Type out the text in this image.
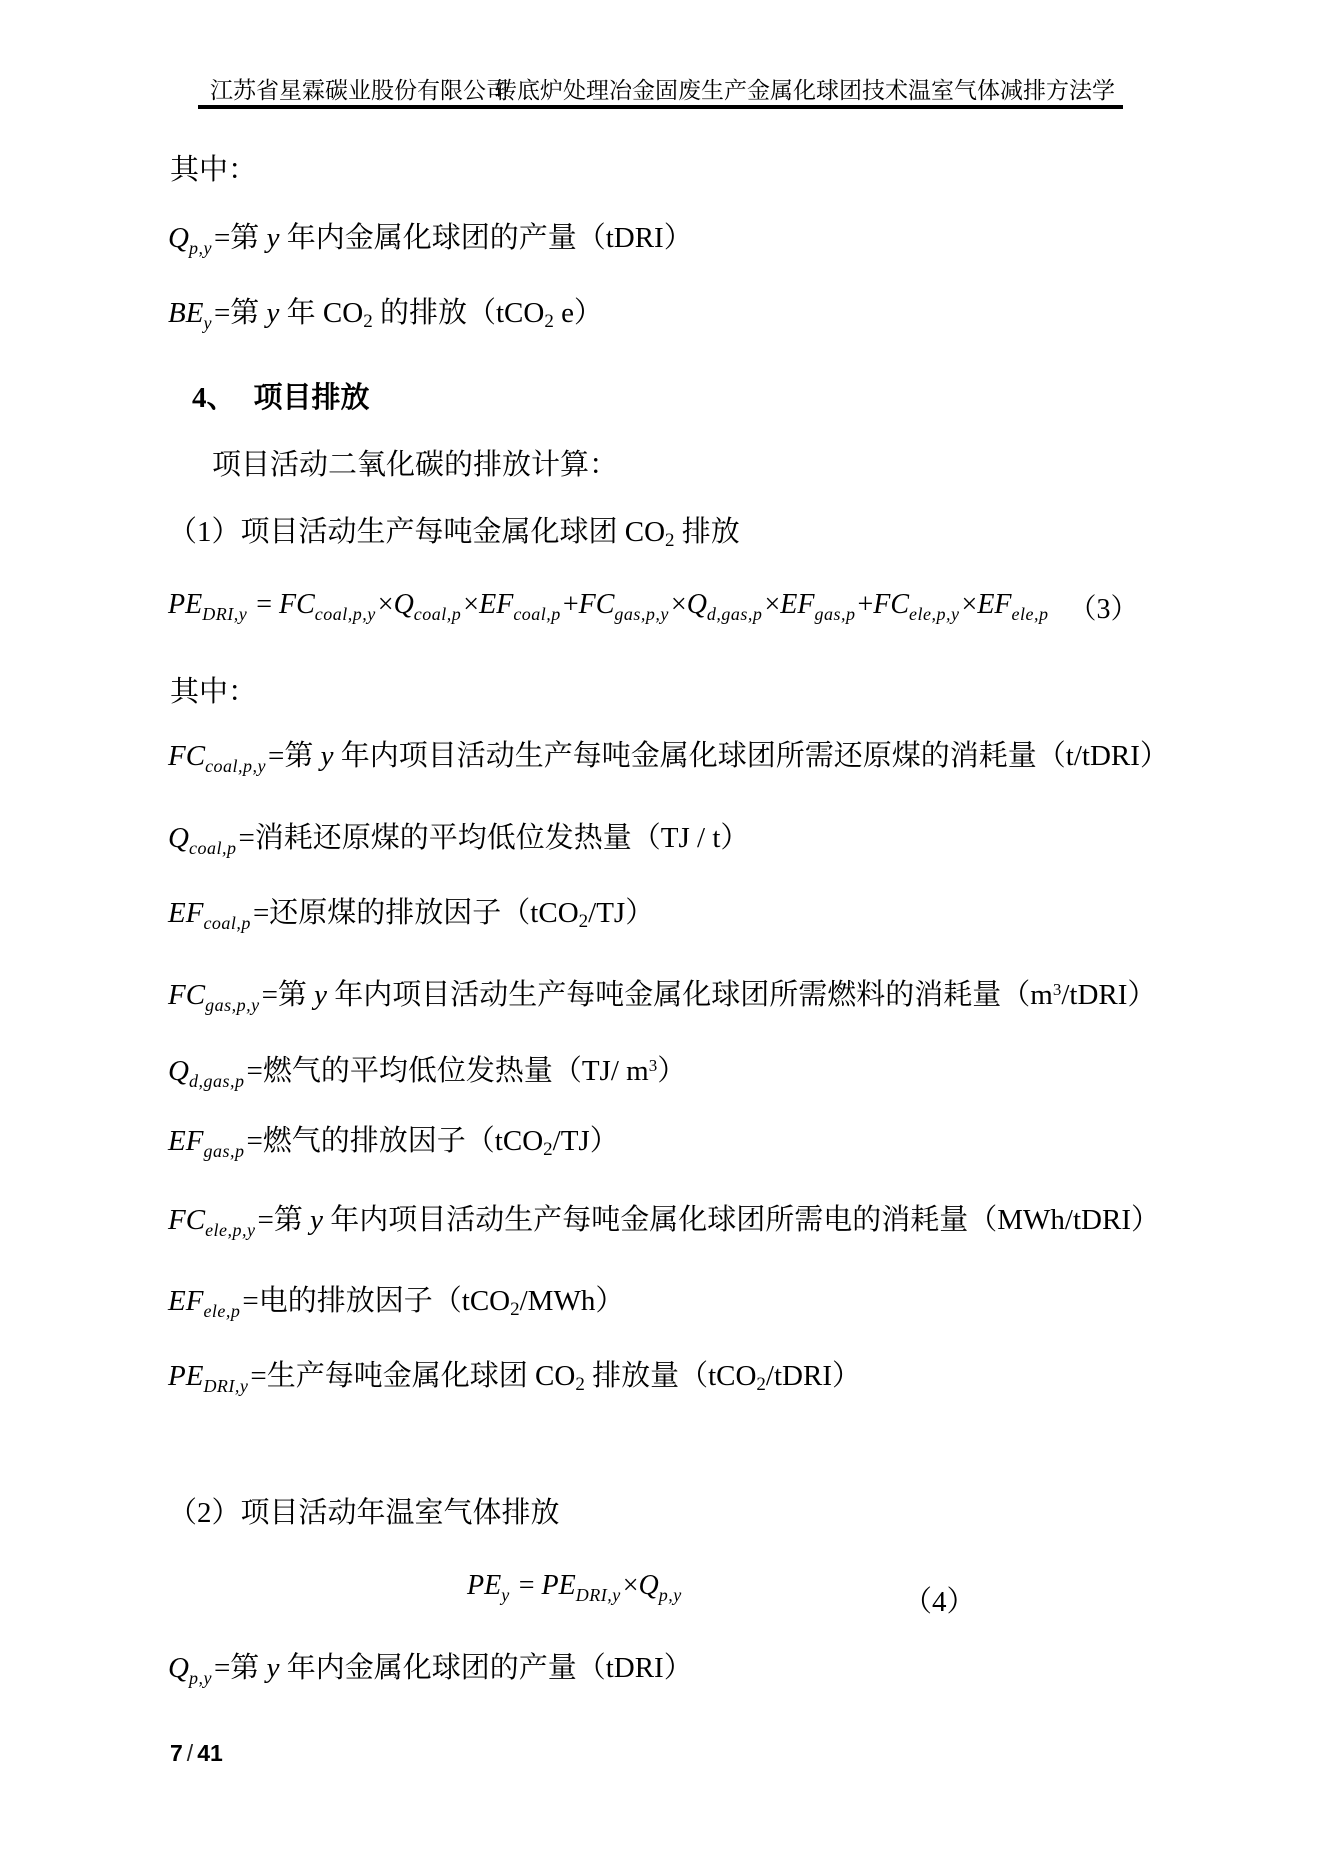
江苏省星霖碳业股份有限公司
转底炉处理冶金固废生产金属化球团技术温室气体减排方法学
其中：
$Q_{p,y}=$第 y 年内金属化球团的产量（tDRI）
$BE_y=$第 y 年 CO2 的排放（tCO2 e）
4、 项目排放
项目活动二氧化碳的排放计算：
（1）项目活动生产每吨金属化球团 CO2 排放
$PE_{DRI,y} = FC_{coal,p,y}\times Q_{coal,p}\times EF_{coal,p}+FC_{gas,p,y}\times Q_{d,gas,p}\times EF_{gas,p}+FC_{ele,p,y}\times EF_{ele,p}$ （3）
其中：
$FC_{coal,p,y}=$第 y 年内项目活动生产每吨金属化球团所需还原煤的消耗量（t/tDRI）
$Q_{coal,p}=$消耗还原煤的平均低位发热量（TJ / t）
$EF_{coal,p}=$还原煤的排放因子（tCO2/TJ）
$FC_{gas,p,y}=$第 y 年内项目活动生产每吨金属化球团所需燃料的消耗量$(m^3/tDRI)$
$Q_{d,gas,p}=$燃气的平均低位发热量（TJ/ $m^3$）
$EF_{gas,p}=$燃气的排放因子（tCO2/TJ）
$FC_{ele,p,y}=$第 y 年内项目活动生产每吨金属化球团所需电的消耗量（MWh/tDRI）
$EF_{ele,p}=$电的排放因子（tCO2/MWh）
$PE_{DRI,y}=$生产每吨金属化球团 CO2 排放量（tCO2/tDRI）
（2）项目活动年温室气体排放
$PE_y = PE_{DRI,y}\times Q_{p,y}$	（4）
$Q_{p,y}=$第 y 年内金属化球团的产量（tDRI）
7 / 41
